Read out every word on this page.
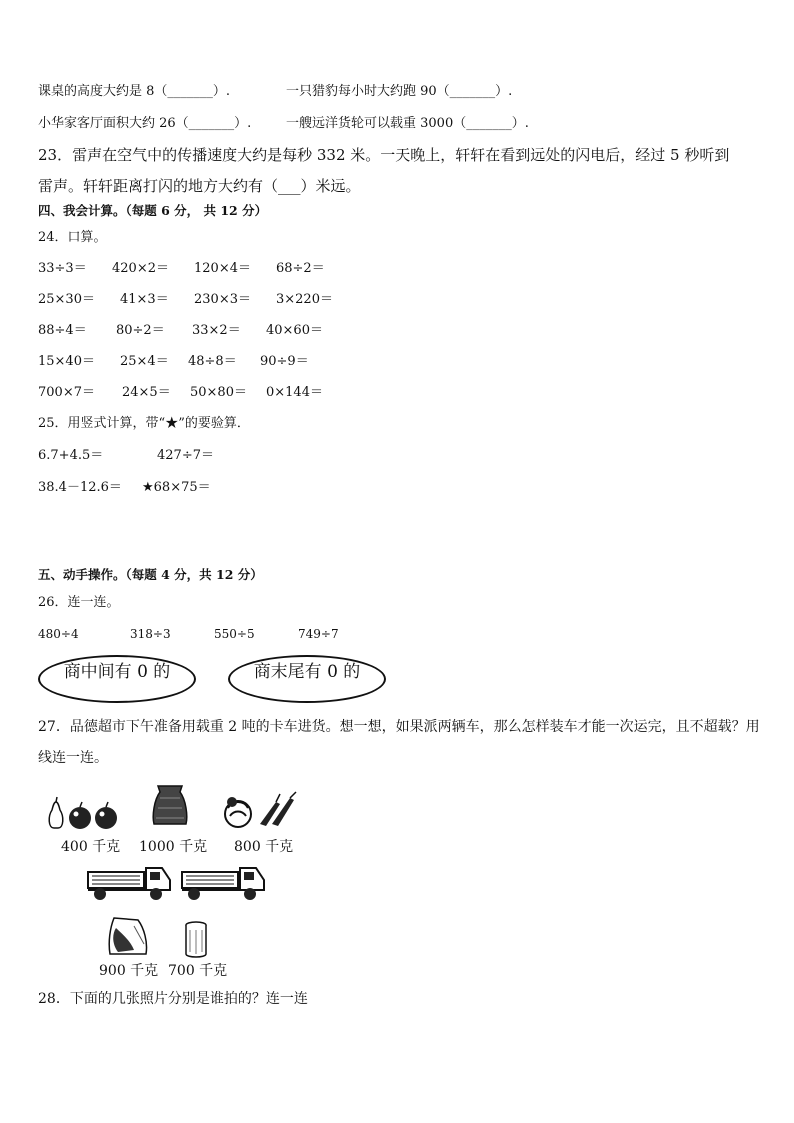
课桌的高度大约是 8（_______）.	一只猎豹每小时大约跑 90（_______）.
小华家客厅面积大约 26（_______）.	一艘远洋货轮可以载重 3000（_______）.
23．雷声在空气中的传播速度大约是每秒 332 米。一天晚上，轩轩在看到远处的闪电后，经过 5 秒听到
雷声。轩轩距离打闪的地方大约有（___）米远。
四、我会计算。（每题 6 分， 共 12 分）
24．口算。
33÷3＝ 420×2＝ 120×4＝ 68÷2＝
25×30＝ 41×3＝ 230×3＝ 3×220＝
88÷4＝ 80÷2＝ 33×2＝ 40×60＝
15×40＝ 25×4＝ 48÷8＝ 90÷9＝
700×7＝ 24×5＝ 50×80＝ 0×144＝
25．用竖式计算，带“★”的要验算．
6.7+4.5＝	427÷7＝
38.4－12.6＝ ★68×75＝
五、动手操作。（每题 4 分，共 12 分）
26．连一连。
480÷4	318÷3	550÷5	749÷7
商中间有 0 的	商末尾有 0 的
27．品德超市下午准备用载重 2 吨的卡车进货。想一想，如果派两辆车，那么怎样装车才能一次运完，且不超载？用
线连一连。
400 千克 1000 千克 800 千克
900 千克 700 千克
28．下面的几张照片分别是谁拍的？连一连
